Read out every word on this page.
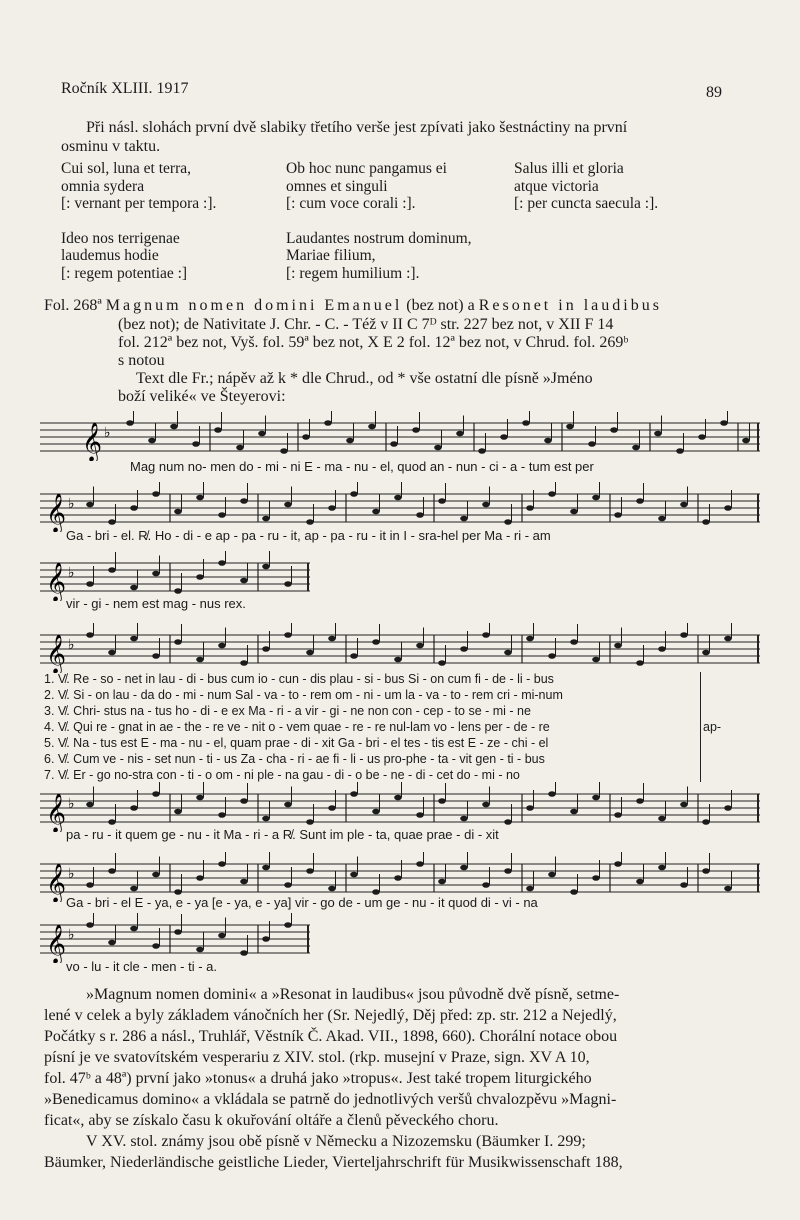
Ročník XLIII. 1917	89
Při násl. slohách první dvě slabiky třetího verše jest zpívati jako šestnáctiny na první
osminu v taktu.
Cui sol, luna et terra,
omnia sydera
[: vernant per tempora :].
Ideo nos terrigenae
laudemus hodie
[: regem potentiae :]
Ob hoc nunc pangamus ei
omnes et singuli
[: cum voce corali :].
Laudantes nostrum dominum,
Mariae filium,
[: regem humilium :].
Salus illi et gloria
atque victoria
[: per cuncta saecula :].
Fol. 268ª Magnum nomen domini Emanuel (bez not) a Resonet in laudibus
(bez not); de Nativitate J. Chr. - C. - Též v II C 7ᴰ str. 227 bez not, v XII F 14
fol. 212ª bez not, Vyš. fol. 59ª bez not, X E 2 fol. 12ª bez not, v Chrud. fol. 269ᵇ
s notou
Text dle Fr.; nápěv až k * dle Chrud., od * vše ostatní dle písně »Jméno
boží veliké« ve Šteyerovi:
𝄞 ♭
Mag num no- men do - mi - ni E - ma - nu - el, quod an - nun - ci - a - tum est per
𝄞 ♭
Ga - bri - el. R̸. Ho - di - e ap - pa - ru - it, ap - pa - ru - it in I - sra-hel per Ma - ri - am
𝄞 ♭
vir - gi - nem est mag - nus rex.
𝄞 ♭
1. V̸. Re - so - net in lau - di - bus cum io - cun - dis plau - si - bus Si - on cum fi - de - li - bus
2. V̸. Si - on lau - da do - mi - num Sal - va - to - rem om - ni - um la - va - to - rem cri - mi-num
3. V̸. Chri- stus na - tus ho - di - e ex Ma - ri - a vir - gi - ne non con - cep - to se - mi - ne
4. V̸. Qui re - gnat in ae - the - re ve - nit o - vem quae - re - re nul-lam vo - lens per - de - re
5. V̸. Na - tus est E - ma - nu - el, quam prae - di - xit Ga - bri - el tes - tis est E - ze - chi - el
6. V̸. Cum ve - nis - set nun - ti - us Za - cha - ri - ae fi - li - us pro-phe - ta - vit gen - ti - bus
7. V̸. Er - go no-stra con - ti - o om - ni ple - na gau - di - o be - ne - di - cet do - mi - no
ap-
𝄞 ♭
pa - ru - it quem ge - nu - it Ma - ri - a R̸. Sunt im ple - ta, quae prae - di - xit
𝄞 ♭
Ga - bri - el E - ya, e - ya [e - ya, e - ya] vir - go de - um ge - nu - it quod di - vi - na
𝄞 ♭
vo - lu - it cle - men - ti - a.
»Magnum nomen domini« a »Resonat in laudibus« jsou původně dvě písně, setme-
lené v celek a byly základem vánočních her (Sr. Nejedlý, Děj před: zp. str. 212 a Nejedlý,
Počátky s r. 286 a násl., Truhlář, Věstník Č. Akad. VII., 1898, 660). Chorální notace obou
písní je ve svatovítském vesperariu z XIV. stol. (rkp. musejní v Praze, sign. XV A 10,
fol. 47ᵇ a 48ª) první jako »tonus« a druhá jako »tropus«. Jest také tropem liturgického
»Benedicamus domino« a vkládala se patrně do jednotlivých veršů chvalozpěvu »Magni-
ficat«, aby se získalo času k okuřování oltáře a členů pěveckého choru.
V XV. stol. známy jsou obě písně v Německu a Nizozemsku (Bäumker I. 299;
Bäumker, Niederländische geistliche Lieder, Vierteljahrschrift für Musikwissenschaft 188,
